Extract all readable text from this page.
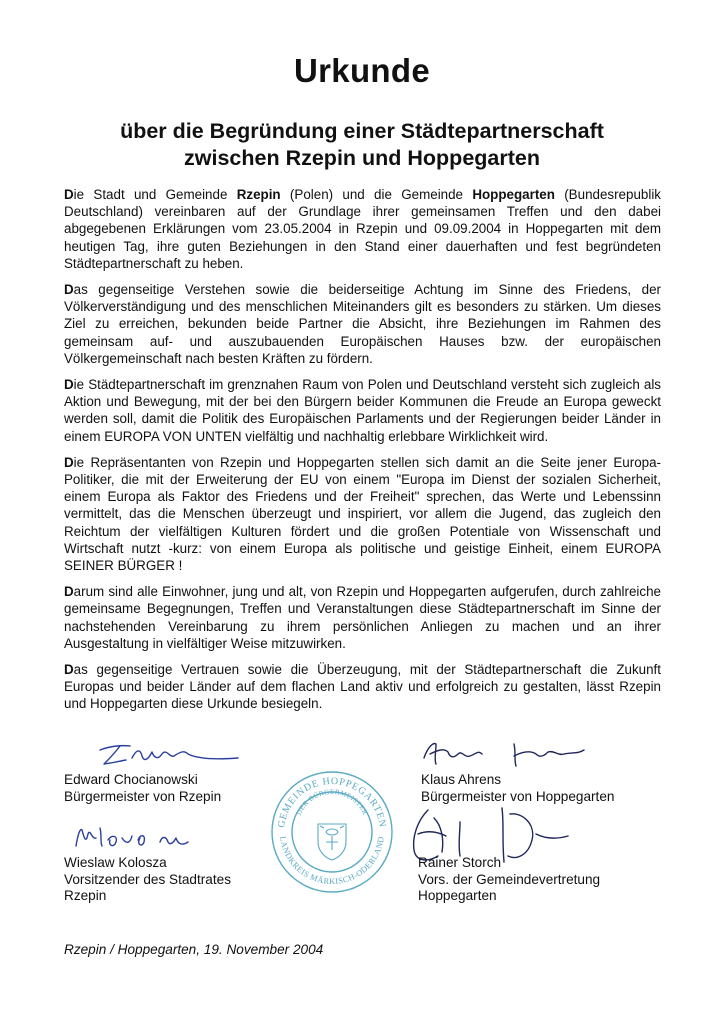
Urkunde
über die Begründung einer Städtepartnerschaft
zwischen Rzepin und Hoppegarten

Die Stadt und Gemeinde Rzepin (Polen) und die Gemeinde Hoppegarten (Bundesrepublik Deutschland) vereinbaren auf der Grundlage ihrer gemeinsamen Treffen und den dabei abgegebenen Erklärungen vom 23.05.2004 in Rzepin und 09.09.2004 in Hoppegarten mit dem heutigen Tag, ihre guten Beziehungen in den Stand einer dauerhaften und fest begründeten Städtepartnerschaft zu heben.

Das gegenseitige Verstehen sowie die beiderseitige Achtung im Sinne des Friedens, der Völkerverständigung und des menschlichen Miteinanders gilt es besonders zu stärken. Um dieses Ziel zu erreichen, bekunden beide Partner die Absicht, ihre Beziehungen im Rahmen des gemeinsam auf- und auszubauenden Europäischen Hauses bzw. der europäischen Völkergemeinschaft nach besten Kräften zu fördern.

Die Städtepartnerschaft im grenznahen Raum von Polen und Deutschland versteht sich zugleich als Aktion und Bewegung, mit der bei den Bürgern beider Kommunen die Freude an Europa geweckt werden soll, damit die Politik des Europäischen Parlaments und der Regierungen beider Länder in einem EUROPA VON UNTEN vielfältig und nachhaltig erlebbare Wirklichkeit wird.

Die Repräsentanten von Rzepin und Hoppegarten stellen sich damit an die Seite jener Europa-Politiker, die mit der Erweiterung der EU von einem "Europa im Dienst der sozialen Sicherheit, einem Europa als Faktor des Friedens und der Freiheit" sprechen, das Werte und Lebenssinn vermittelt, das die Menschen überzeugt und inspiriert, vor allem die Jugend, das zugleich den Reichtum der vielfältigen Kulturen fördert und die großen Potentiale von Wissenschaft und Wirtschaft nutzt -kurz: von einem Europa als politische und geistige Einheit, einem EUROPA SEINER BÜRGER !

Darum sind alle Einwohner, jung und alt, von Rzepin und Hoppegarten aufgerufen, durch zahlreiche gemeinsame Begegnungen, Treffen und Veranstaltungen diese Städtepartnerschaft im Sinne der nachstehenden Vereinbarung zu ihrem persönlichen Anliegen zu machen und an ihrer Ausgestaltung in vielfältiger Weise mitzuwirken.

Das gegenseitige Vertrauen sowie die Überzeugung, mit der Städtepartnerschaft die Zukunft Europas und beider Länder auf dem flachen Land aktiv und erfolgreich zu gestalten, lässt Rzepin und Hoppegarten diese Urkunde besiegeln.

GEMEINDE HOPPEGARTEN
DER BÜRGERMEISTER
LANDKREIS MÄRKISCH-ODERLAND
Edward Chocianowski
Bürgermeister von Rzepin
Klaus Ahrens
Bürgermeister von Hoppegarten
Wieslaw Kolosza
Vorsitzender des Stadtrates
Rzepin
Rainer Storch
Vors. der Gemeindevertretung
Hoppegarten
Rzepin / Hoppegarten, 19. November 2004
